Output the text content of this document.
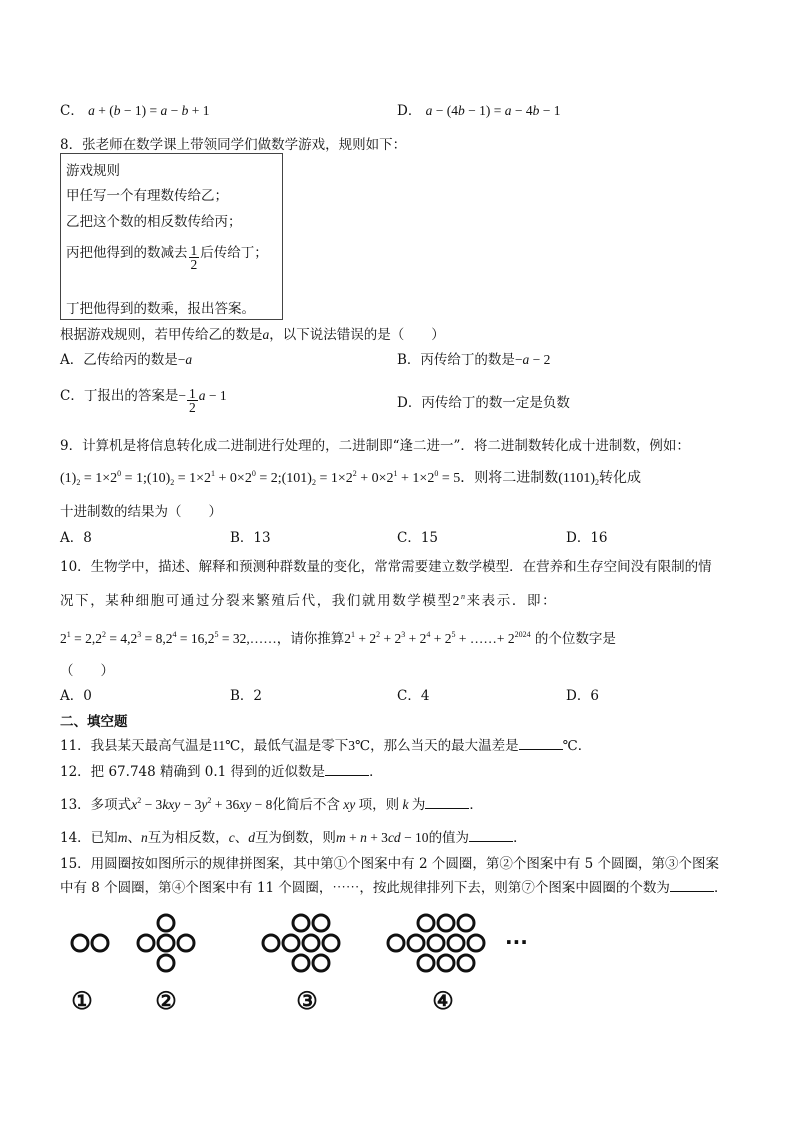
C． a + (b − 1) = a − b + 1	D． a − (4b − 1) = a − 4b − 1
8．张老师在数学课上带领同学们做数学游戏，规则如下：
游戏规则
甲任写一个有理数传给乙；
乙把这个数的相反数传给丙；
丙把他得到的数减去 $\frac{1}{2}$ 后传给丁；
丁把他得到的数乘，报出答案。
根据游戏规则，若甲传给乙的数是a，以下说法错误的是（　　）
A．乙传给丙的数是−a	B．丙传给丁的数是−a − 2
C．丁报出的答案是− $\frac{1}{2}$ a − 1	D．丙传给丁的数一定是负数
9．计算机是将信息转化成二进制进行处理的，二进制即“逢二进一”．将二进制数转化成十进制数，例如：
$(1)_2 = 1\times 2^0$ = $1;(10)_2 = 1\times 2^1 + 0\times 2^0$ = $2;(101)_2 = 1\times 2^2 + 0\times 2^1 + 1\times 2^0 = 5$．则将二进制数$(1101)_2$转化成
十进制数的结果为（　　）
A．8	B．13	C．15	D．16
10．生物学中，描述、解释和预测种群数量的变化，常常需要建立数学模型．在营养和生存空间没有限制的情
况下，某种细胞可通过分裂来繁殖后代，我们就用数学模型2$^n$来表示．即：
$2^1 = 2,2^2 = 4,2^3 = 8,2^4 = 16,2^5$ = 32,……，请你推算$2^1 + 2^2 + 2^3 + 2^4 + 2^5$ + ……+ $2^{2024}$ 的个位数字是
（　　）
A．0	B．2	C．4	D．6
二、填空题
11．我县某天最高气温是11℃，最低气温是零下3℃，那么当天的最大温差是	℃．
12．把 67.748 精确到 0.1 得到的近似数是	．
13．多项式$x^2 - 3kxy - 3y^2 + 36xy - 8$化简后不含 xy 项，则 k 为	．
14．已知m、n互为相反数，c、d互为倒数，则m + n + 3cd − 10的值为	．
15．用圆圈按如图所示的规律拼图案，其中第①个图案中有 2 个圆圈，第②个图案中有 5 个圆圈，第③个图案
中有 8 个圆圈，第④个图案中有 11 个圆圈，⋯⋯，按此规律排列下去，则第⑦个图案中圆圈的个数为	．
···
①	②	③	④
